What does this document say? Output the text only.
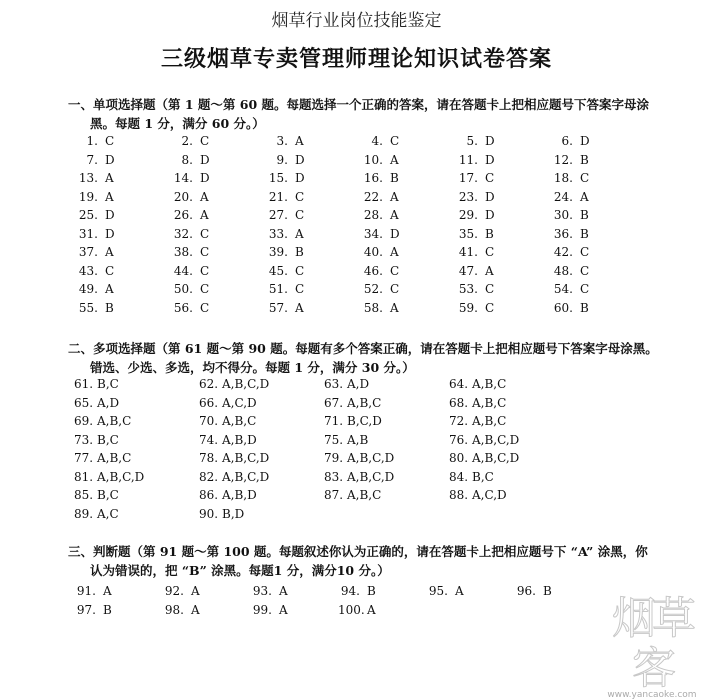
烟草行业岗位技能鉴定
三级烟草专卖管理师理论知识试卷答案
一、单项选择题（第 1 题～第 60 题。每题选择一个正确的答案，请在答题卡上把相应题号下答案字母涂
黑。每题 1 分，满分 60 分。）
1. C	2. C	3. A	4. C	5. D	6. D
7. D	8. D	9. D	10. A	11. D	12. B
13. A	14. D	15. D	16. B	17. C	18. C
19. A	20. A	21. C	22. A	23. D	24. A
25. D	26. A	27. C	28. A	29. D	30. B
31. D	32. C	33. A	34. D	35. B	36. B
37. A	38. C	39. B	40. A	41. C	42. C
43. C	44. C	45. C	46. C	47. A	48. C
49. A	50. C	51. C	52. C	53. C	54. C
55. B	56. C	57. A	58. A	59. C	60. B
二、多项选择题（第 61 题～第 90 题。每题有多个答案正确，请在答题卡上把相应题号下答案字母涂黑。
错选、少选、多选，均不得分。每题 1 分，满分 30 分。）
61. B,C	62. A,B,C,D	63. A,D	64. A,B,C
65. A,D	66. A,C,D	67. A,B,C	68. A,B,C
69. A,B,C	70. A,B,C	71. B,C,D	72. A,B,C
73. B,C	74. A,B,D	75. A,B	76. A,B,C,D
77. A,B,C	78. A,B,C,D	79. A,B,C,D	80. A,B,C,D
81. A,B,C,D	82. A,B,C,D	83. A,B,C,D	84. B,C
85. B,C	86. A,B,D	87. A,B,C	88. A,C,D
89. A,C	90. B,D
三、判断题（第 91 题～第 100 题。每题叙述你认为正确的，请在答题卡上把相应题号下 “A” 涂黑，你
认为错误的，把 “B” 涂黑。每题1 分，满分10 分。）
91. A	92. A	93. A	94. B	95. A	96. B
97. B	98. A	99. A	100. A	烟草客
www.yancaoke.com
